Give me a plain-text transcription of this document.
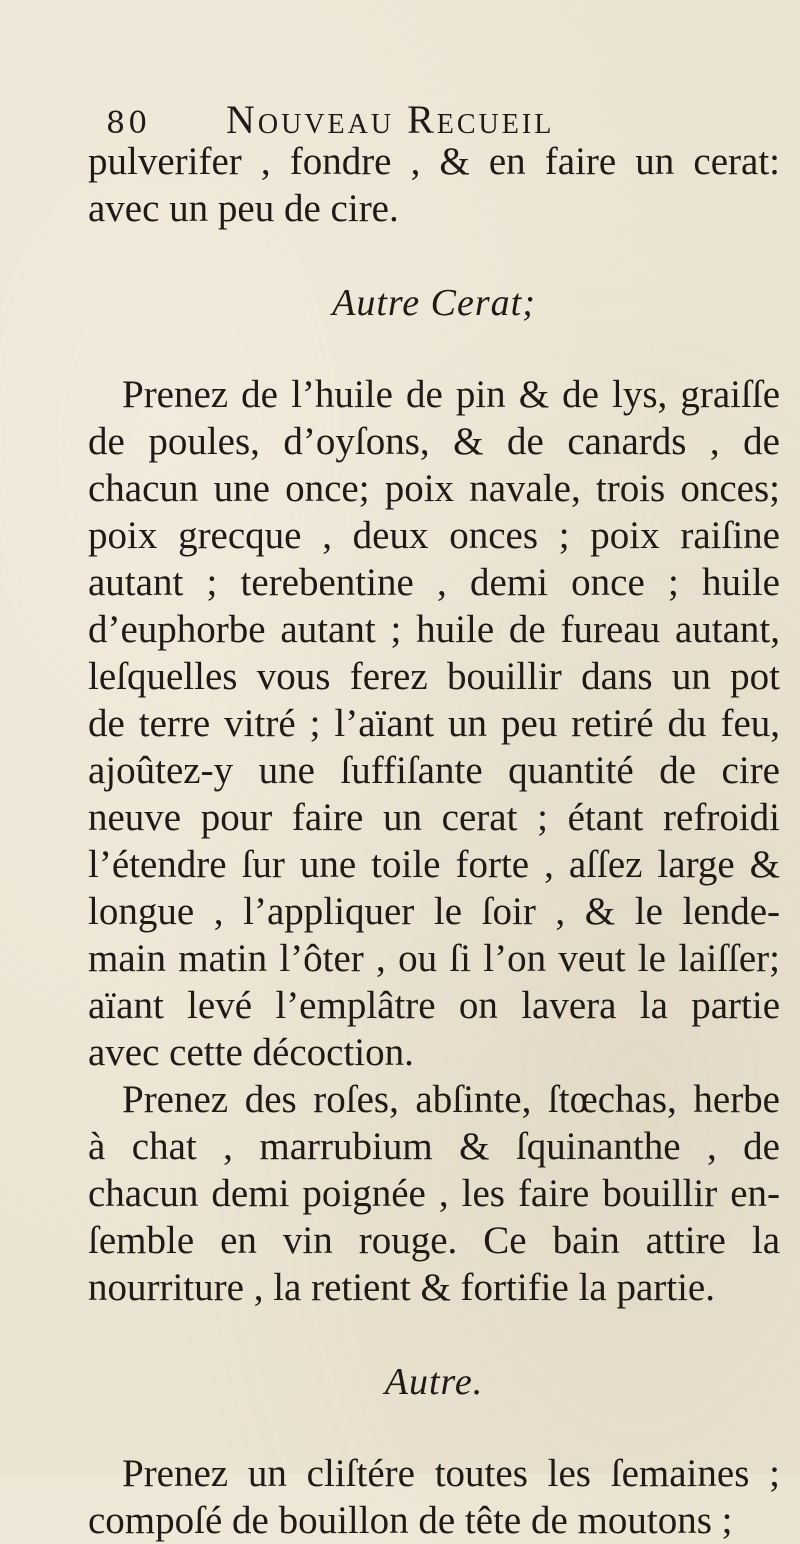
80 Nouveau Recueil
pulverifer , fondre , & en faire un cerat:
avec un peu de cire.
Autre Cerat;
Prenez de l’huile de pin & de lys, graiſſe
de poules, d’oyſons, & de canards , de
chacun une once; poix navale, trois onces;
poix grecque , deux onces ; poix raiſine
autant ; terebentine , demi once ; huile
d’euphorbe autant ; huile de fureau autant,
leſquelles vous ferez bouillir dans un pot
de terre vitré ; l’aïant un peu retiré du feu,
ajoûtez-y une ſuffiſante quantité de cire
neuve pour faire un cerat ; étant refroidi
l’étendre ſur une toile forte , aſſez large &
longue , l’appliquer le ſoir , & le lende-
main matin l’ôter , ou ſi l’on veut le laiſſer;
aïant levé l’emplâtre on lavera la partie
avec cette décoction.
Prenez des roſes, abſinte, ſtœchas, herbe
à chat , marrubium & ſquinanthe , de
chacun demi poignée , les faire bouillir en-
ſemble en vin rouge. Ce bain attire la
nourriture , la retient & fortifie la partie.
Autre.
Prenez un cliſtére toutes les ſemaines ;
compoſé de bouillon de tête de moutons ;
